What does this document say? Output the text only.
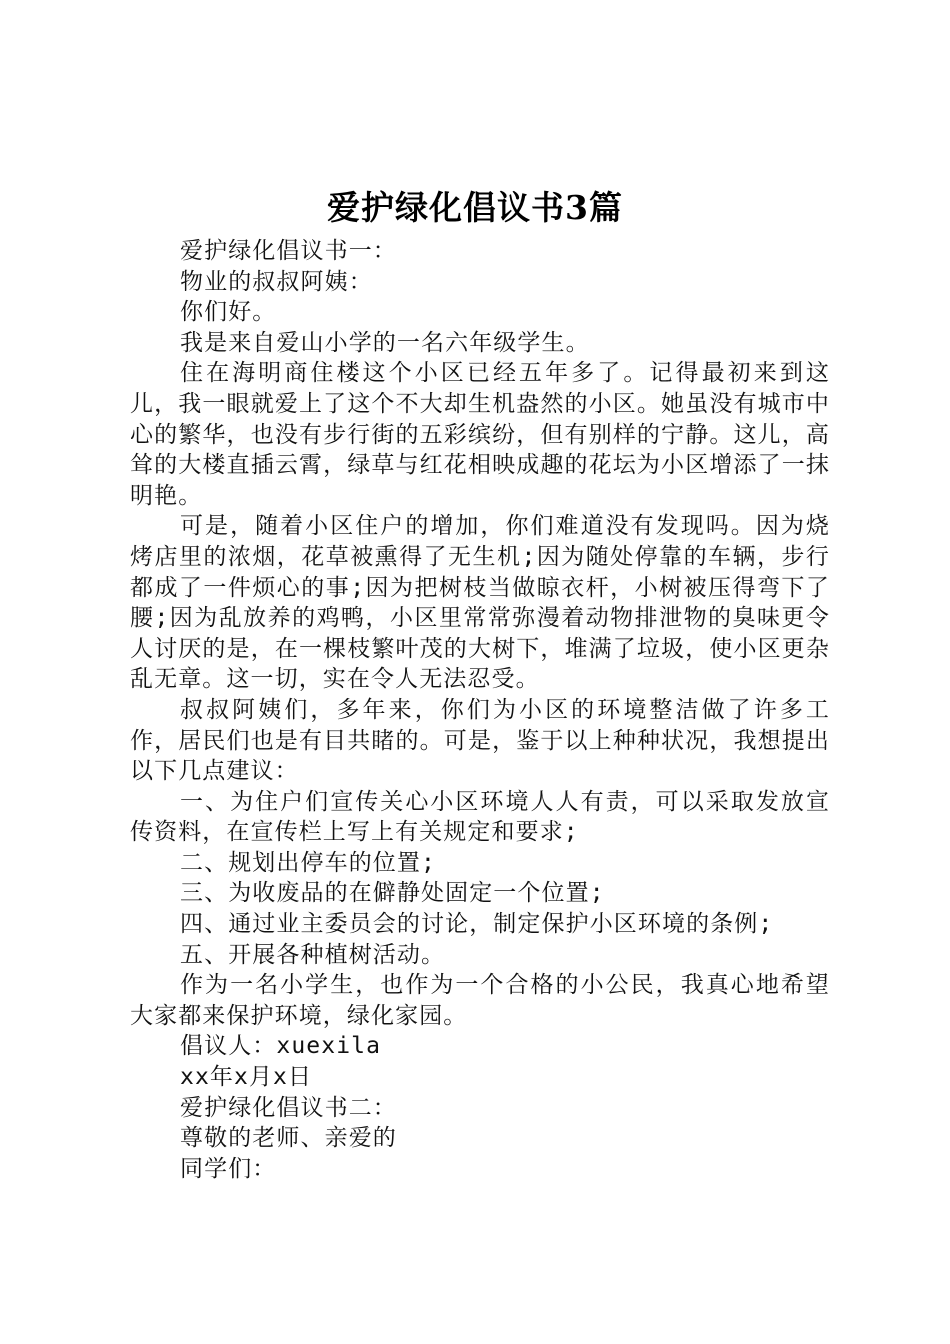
爱护绿化倡议书3篇

爱护绿化倡议书一：

物业的叔叔阿姨：

你们好。

我是来自爱山小学的一名六年级学生。

住在海明商住楼这个小区已经五年多了。记得最初来到这儿，我一眼就爱上了这个不大却生机盎然的小区。她虽没有城市中心的繁华，也没有步行街的五彩缤纷，但有别样的宁静。这儿，高耸的大楼直插云霄，绿草与红花相映成趣的花坛为小区增添了一抹明艳。

可是，随着小区住户的增加，你们难道没有发现吗。因为烧烤店里的浓烟，花草被熏得了无生机;因为随处停靠的车辆，步行都成了一件烦心的事;因为把树枝当做晾衣杆，小树被压得弯下了腰;因为乱放养的鸡鸭，小区里常常弥漫着动物排泄物的臭味更令人讨厌的是，在一棵枝繁叶茂的大树下，堆满了垃圾，使小区更杂乱无章。这一切，实在令人无法忍受。

叔叔阿姨们，多年来，你们为小区的环境整洁做了许多工作，居民们也是有目共睹的。可是，鉴于以上种种状况，我想提出以下几点建议：

一、为住户们宣传关心小区环境人人有责，可以采取发放宣传资料，在宣传栏上写上有关规定和要求;

二、规划出停车的位置;

三、为收废品的在僻静处固定一个位置;

四、通过业主委员会的讨论，制定保护小区环境的条例;

五、开展各种植树活动。

作为一名小学生，也作为一个合格的小公民，我真心地希望大家都来保护环境，绿化家园。

倡议人：xuexila

xx年x月x日

爱护绿化倡议书二：

尊敬的老师、亲爱的

同学们：
